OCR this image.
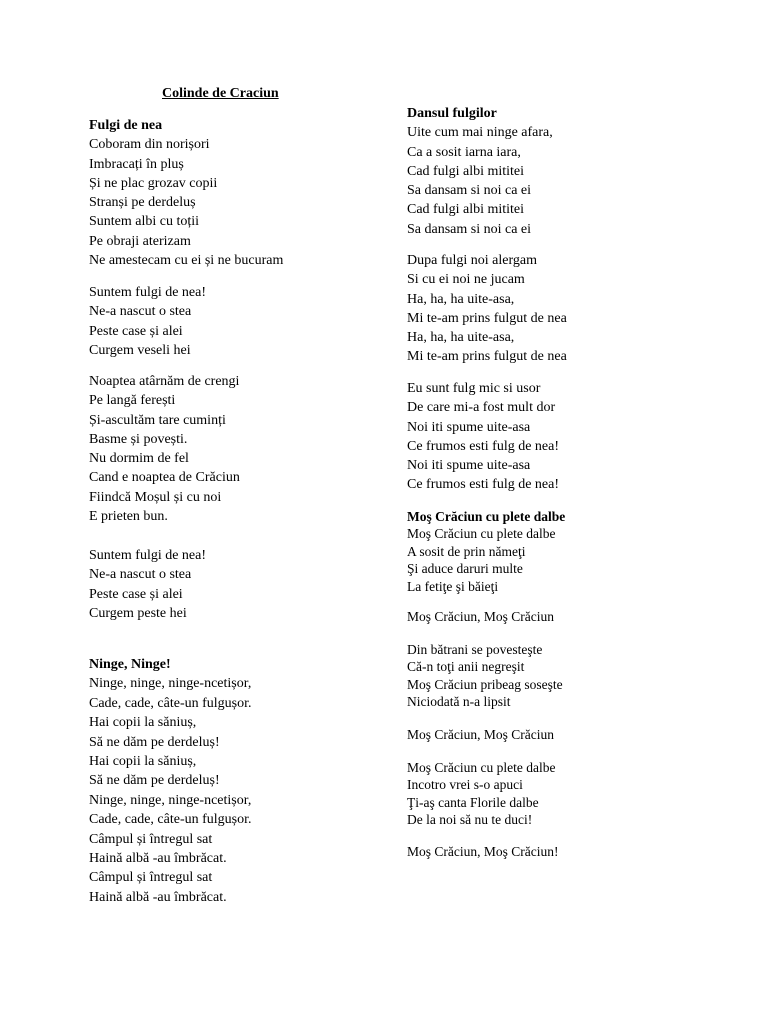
Colinde de Craciun
Fulgi de nea
Coboram din norișori
Imbracați în pluș
Și ne plac grozav copii
Stranși pe derdeluș
Suntem albi cu toții
Pe obraji aterizam
Ne amestecam cu ei și ne bucuram
Suntem fulgi de nea!
Ne-a nascut o stea
Peste case și alei
Curgem veseli hei
Noaptea atârnăm de crengi
Pe langă ferești
Și-ascultăm tare cuminți
Basme și povești.
Nu dormim de fel
Cand e noaptea de Crăciun
Fiindcă Moșul și cu noi
E prieten bun.
Suntem fulgi de nea!
Ne-a nascut o stea
Peste case și alei
Curgem peste hei
Ninge, Ninge!
Ninge, ninge, ninge-ncetișor,
Cade, cade, câte-un fulgușor.
Hai copii la săniuș,
Să ne dăm pe derdeluș!
Hai copii la săniuș,
Să ne dăm pe derdeluș!
Ninge, ninge, ninge-ncetișor,
Cade, cade, câte-un fulgușor.
Câmpul și întregul sat
Haină albă -au îmbrăcat.
Câmpul și întregul sat
Haină albă -au îmbrăcat.
Dansul fulgilor
Uite cum mai ninge afara,
Ca a sosit iarna iara,
Cad fulgi albi mititei
Sa dansam si noi ca ei
Cad fulgi albi mititei
Sa dansam si noi ca ei
Dupa fulgi noi alergam
Si cu ei noi ne jucam
Ha, ha, ha uite-asa,
Mi te-am prins fulgut de nea
Ha, ha, ha uite-asa,
Mi te-am prins fulgut de nea
Eu sunt fulg mic si usor
De care mi-a fost mult dor
Noi iti spume uite-asa
Ce frumos esti fulg de nea!
Noi iti spume uite-asa
Ce frumos esti fulg de nea!
Moş Crăciun cu plete dalbe
Moş Crăciun cu plete dalbe
A sosit de prin nămeţi
Şi aduce daruri multe
La fetiţe şi băieţi
Moş Crăciun, Moş Crăciun
Din bătrani se povesteşte
Că-n toţi anii negreşit
Moş Crăciun pribeag soseşte
Niciodată n-a lipsit
Moş Crăciun, Moş Crăciun
Moş Crăciun cu plete dalbe
Incotro vrei s-o apuci
Ţi-aş canta Florile dalbe
De la noi să nu te duci!
Moş Crăciun, Moş Crăciun!
